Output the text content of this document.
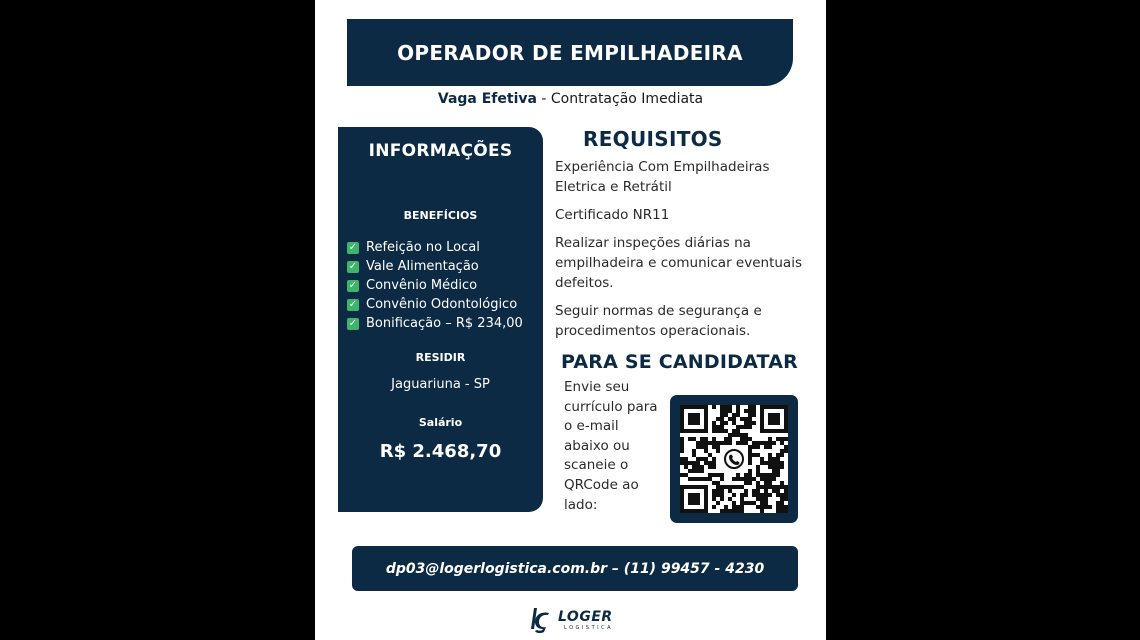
OPERADOR DE EMPILHADEIRA
Vaga Efetiva - Contratação Imediata
INFORMAÇÕES
BENEFÍCIOS
✓ Refeição no Local
✓ Vale Alimentação
✓ Convênio Médico
✓ Convênio Odontológico
✓ Bonificação – R$ 234,00
RESIDIR
Jaguariuna - SP
Salário
R$ 2.468,70
REQUISITOS
Experiência Com Empilhadeiras Eletrica e Retrátil
Certificado NR11
Realizar inspeções diárias na empilhadeira e comunicar eventuais defeitos.
Seguir normas de segurança e procedimentos operacionais.
PARA SE CANDIDATAR
Envie seu currículo para o e-mail abaixo ou scaneie o QRCode ao lado:
dp03@logerlogistica.com.br – (11) 99457 - 4230
LOGER
LOGISTICA
